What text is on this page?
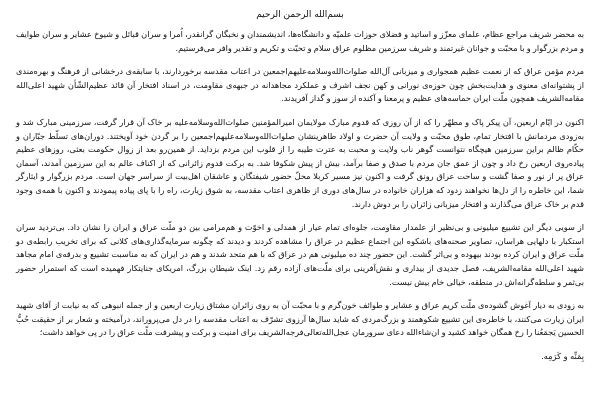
بسم‌الله الرحمن الرحیم

به محضر شریف مراجع عظام، علمای معزّز و اساتید و فضلای حوزات علمیّه و دانشگاه‌ها، اندیشمندان و نخبگان گرانقدر، اُمرا و سران قبائل و شیوخ عشایر و سران طوایف و مردم بزرگوار و با محبّت و جوانان غیرتمند و شریف سرزمین مظلوم عراق سلام و تحیّت و تکریم و تقدیر وافر می‌فرستیم.

مردم مؤمن عراق که از نعمت عظیم همجواری و میزبانی آل‌الله صلوات‌الله‌وسلامه‌علیهم‌اجمعین در اعتاب مقدسه برخوردارند، با سابقه‌ی درخشانی از فرهنگ و بهره‌مندی از پشتوانه‌ای معنوی و هدایت‌بخش چون حوزه‌ی نورانی و کهن نجف اشرف و عملکرد مجاهدانه در جبهه‌ی مقاومت، در اسناد افتخار آن قائد عظیم‌الشّأن شهید اعلی‌الله مقامه‌الشریف همچون ملّت ایران حماسه‌های عظیم و پرمعنا و آکنده از سوز و گداز آفریدند.

اکنون در ایّام اربعین، آن پیکر پاک و مطهّر را که از آن روزی که قدوم مبارک مولایمان امیرالمؤمنین صلوات‌الله‌وسلامه‌علیه بر خاک آن قرار گرفت، سرزمینی مبارک شد و به‌زودی مردمانش با افتخار تمام، طوق محبّت و ولایت آن حضرت و اولاد طاهرینشان صلوات‌الله‌وسلامه‌علیهم‌اجمعین را بر گردن خود آویختند. دوران‌های تسلّط جبّاران و حکّام ظالم براین سرزمین هیچگاه نتوانست گوهر ناب ولایت و محبت به عترت طیبه را از قلوب این مردم بزداید. از همین‌رو بعد از زوال حکومت بعثی، روزهای عظیم پیاده‌روی اربعین رخ داد و چون از عمق جان مردم با صدق و صفا برآمد، بیش از پیش شکوفا شد. به برکت قدوم زائرانی که از اکناف عالم به این سرزمین آمدند، آسمان عراق پر از نور و صفا گشت و ساحت عراق رونق گرفت و اکنون نیز مسیر کربلا محلّ حضور شیفتگان و عاشقان اهل‌بیت از سراسر جهان است. مردم بزرگوار و ایثارگر شما، این خاطره را از دل‌ها نخواهند زدود که هزاران خانواده در سال‌های دوری از ظاهری اعتاب مقدسه، به شوق زیارت، راه را با پای پیاده پیمودند و اکنون با همه‌ی وجود قدم بر خاک عراق می‌گذارند و افتخار میزبانی زائران را بر دوش دارند.

از سویی دیگر این تشییع میلیونی و بی‌نظیر از علمدار مقاومت، جلوه‌ای تمام عیار از همدلی و اخوّت و هم‌مرامی بین دو ملّت عراق و ایران را نشان داد. بی‌تردید سران استکبار با دلهایی هراسان، تصاویر صحنه‌های باشکوه این اجتماع عظیم در عراق را مشاهده کردند و دیدند که چگونه سرمایه‌گذاری‌های کلانی که برای تخریب رابطه‌ی دو ملّت عراق و ایران کرده بودند بیهوده و بی‌اثر گشت. این حضور چند ده میلیونی هم در عراق که با هم متحد شدند و هم در ایران که به مناسبت تشییع و بدرقه‌ی امام مجاهد شهید اعلی‌الله مقامه‌الشریف، فصل جدیدی از بیداری و نقش‌آفرینی برای ملّت‌های آزاده رقم زد. اینک شیطان بزرگ، امریکای جنایتکار فهمیده است که استمرار حضور بی‌ثمر و سلطه‌گرانه‌اش در منطقه، خیالی خام بیش نیست.

به زودی به دیار آغوش گشوده‌ی ملّت کریم عراق و عشایر و طوائف خون‌گرم و با محبّت آن به روی زائران مشتاق زیارت اربعین و از جمله انبوهی که به نیابت از آقای شهید ایران زیارت می‌کنند، با خاطره‌ی این تشییع شکوهمند و بزرگ‌مردی که شاید سال‌ها آرزوی تشرّف به اعتاب مقدسه را در دل می‌پروراند، درآمیخته و شعار بر از حقیقت حُبُّ الحسین یَجمَعُنا را رخ همگان خواهد کشید و ان‌شاءالله دعای سرورمان عجل‌الله‌تعالی‌فرجه‌الشریف برای امنیت و برکت و پیشرفت ملّت عراق را در پی خواهد داشت؛

بِمَنِّه و کَرَمِه.
